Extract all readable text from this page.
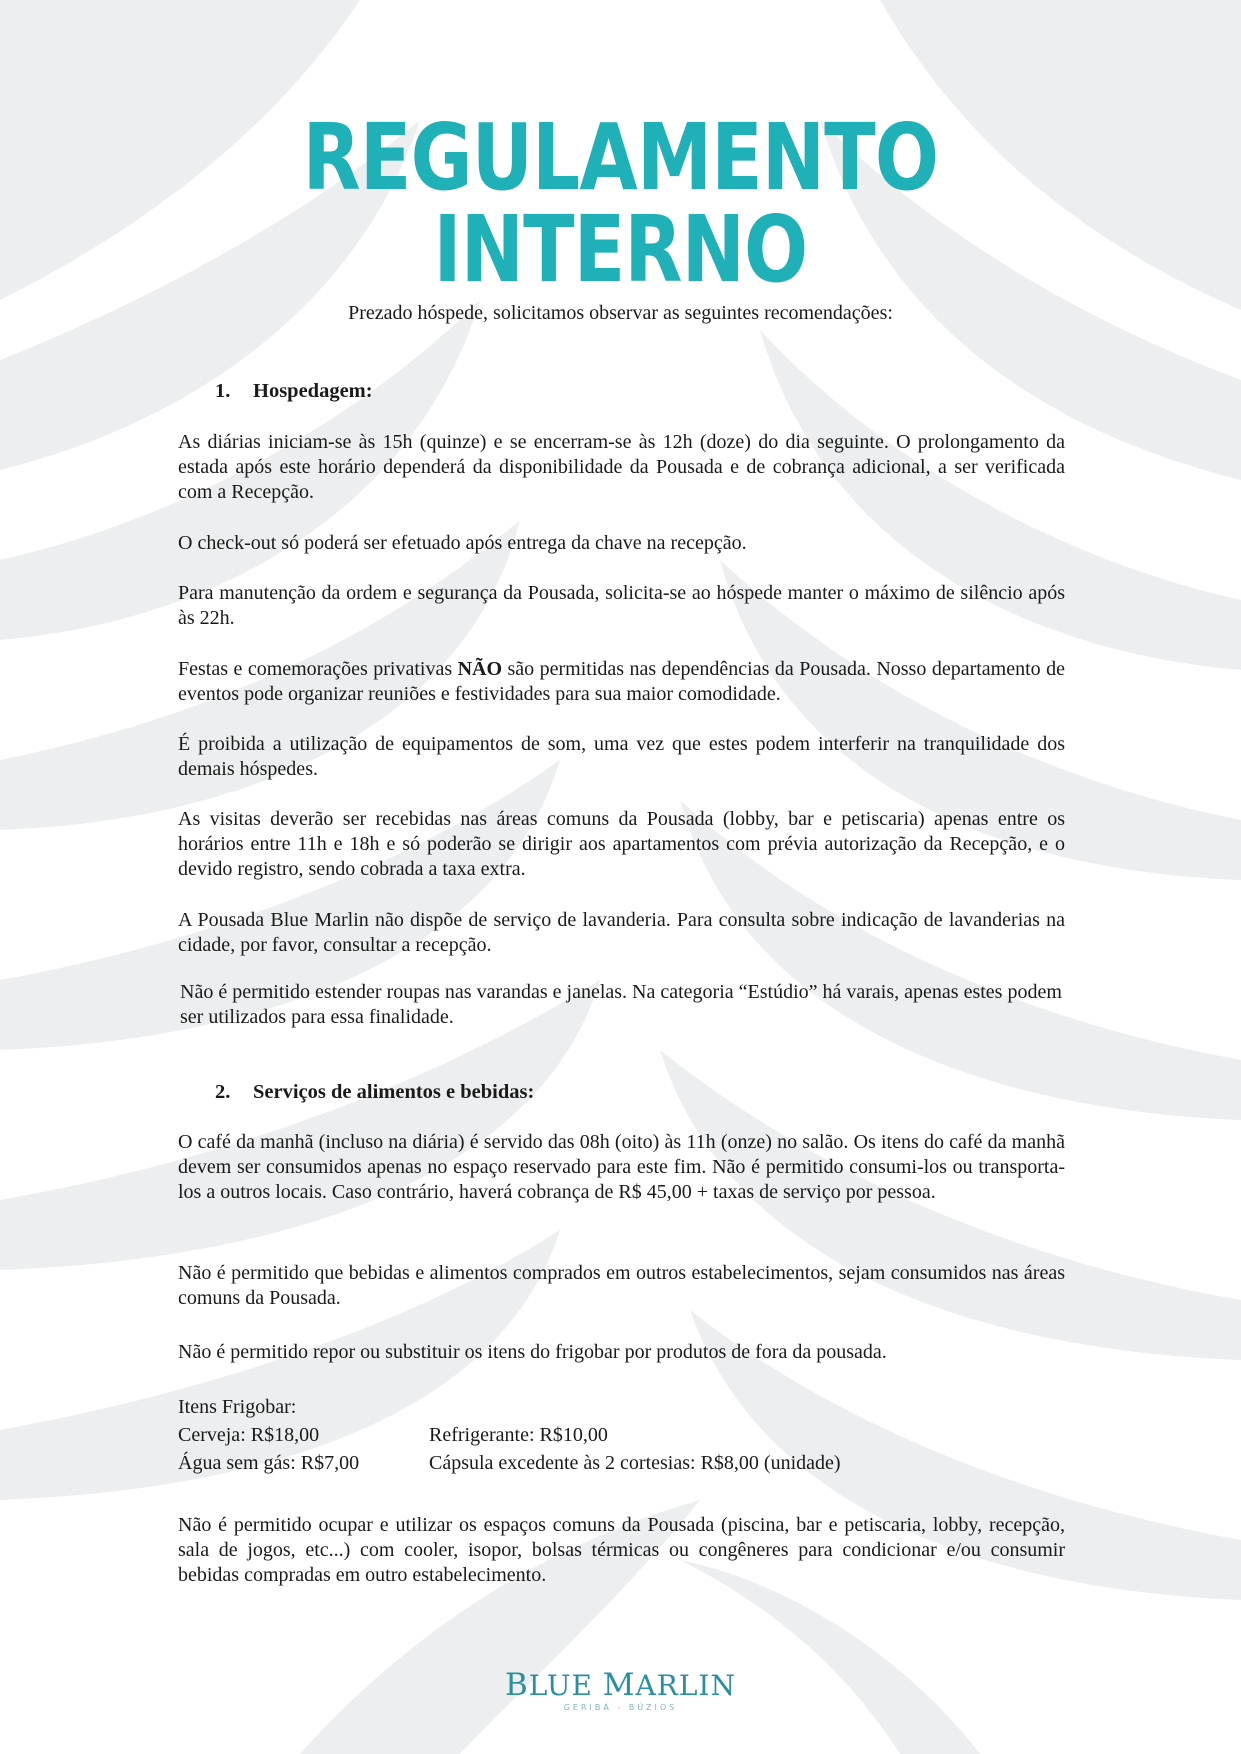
REGULAMENTO INTERNO
Prezado hóspede, solicitamos observar as seguintes recomendações:
1. Hospedagem:
As diárias iniciam-se às 15h (quinze) e se encerram-se às 12h (doze) do dia seguinte. O prolongamento da estada após este horário dependerá da disponibilidade da Pousada e de cobrança adicional, a ser verificada com a Recepção.
O check-out só poderá ser efetuado após entrega da chave na recepção.
Para manutenção da ordem e segurança da Pousada, solicita-se ao hóspede manter o máximo de silêncio após às 22h.
Festas e comemorações privativas NÃO são permitidas nas dependências da Pousada. Nosso departamento de eventos pode organizar reuniões e festividades para sua maior comodidade.
É proibida a utilização de equipamentos de som, uma vez que estes podem interferir na tranquilidade dos demais hóspedes.
As visitas deverão ser recebidas nas áreas comuns da Pousada (lobby, bar e petiscaria) apenas entre os horários entre 11h e 18h e só poderão se dirigir aos apartamentos com prévia autorização da Recepção, e o devido registro, sendo cobrada a taxa extra.
A Pousada Blue Marlin não dispõe de serviço de lavanderia. Para consulta sobre indicação de lavanderias na cidade, por favor, consultar a recepção.
Não é permitido estender roupas nas varandas e janelas. Na categoria “Estúdio” há varais, apenas estes podem ser utilizados para essa finalidade.
2. Serviços de alimentos e bebidas:
O café da manhã (incluso na diária) é servido das 08h (oito) às 11h (onze) no salão. Os itens do café da manhã devem ser consumidos apenas no espaço reservado para este fim. Não é permitido consumi-los ou transporta-los a outros locais. Caso contrário, haverá cobrança de R$ 45,00 + taxas de serviço por pessoa.
Não é permitido que bebidas e alimentos comprados em outros estabelecimentos, sejam consumidos nas áreas comuns da Pousada.
Não é permitido repor ou substituir os itens do frigobar por produtos de fora da pousada.
Itens Frigobar:
Cerveja: R$18,00	Refrigerante: R$10,00
Água sem gás: R$7,00	Cápsula excedente às 2 cortesias: R$8,00 (unidade)
Não é permitido ocupar e utilizar os espaços comuns da Pousada (piscina, bar e petiscaria, lobby, recepção, sala de jogos, etc...) com cooler, isopor, bolsas térmicas ou congêneres para condicionar e/ou consumir bebidas compradas em outro estabelecimento.
BLUE MARLIN
GERIBÁ - BÚZIOS
